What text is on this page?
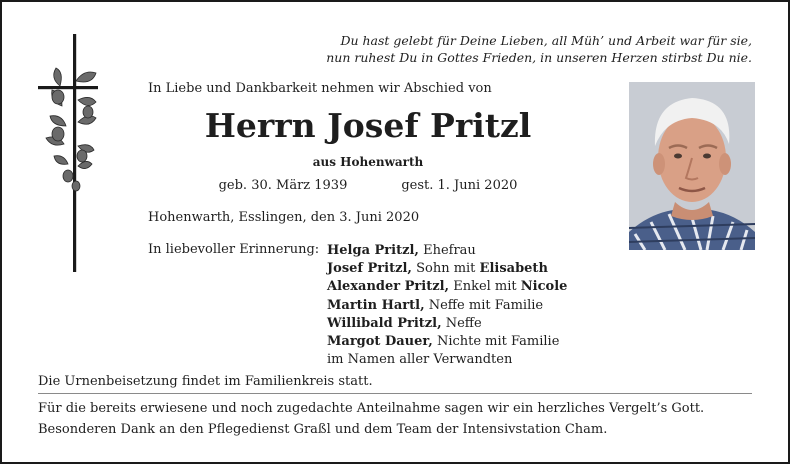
Du hast gelebt für Deine Lieben, all Müh’ und Arbeit war für sie,
nun ruhest Du in Gottes Frieden, in unseren Herzen stirbst Du nie.
In Liebe und Dankbarkeit nehmen wir Abschied von
Herrn Josef Pritzl
aus Hohenwarth
geb. 30. März 1939	gest. 1. Juni 2020
Hohenwarth, Esslingen, den 3. Juni 2020
In liebevoller Erinnerung: Helga Pritzl, Ehefrau
Josef Pritzl, Sohn mit Elisabeth
Alexander Pritzl, Enkel mit Nicole
Martin Hartl, Neffe mit Familie
Willibald Pritzl, Neffe
Margot Dauer, Nichte mit Familie
im Namen aller Verwandten
Die Urnenbeisetzung findet im Familienkreis statt.
Für die bereits erwiesene und noch zugedachte Anteilnahme sagen wir ein herzliches Vergelt’s Gott.
Besonderen Dank an den Pflegedienst Graßl und dem Team der Intensivstation Cham.
